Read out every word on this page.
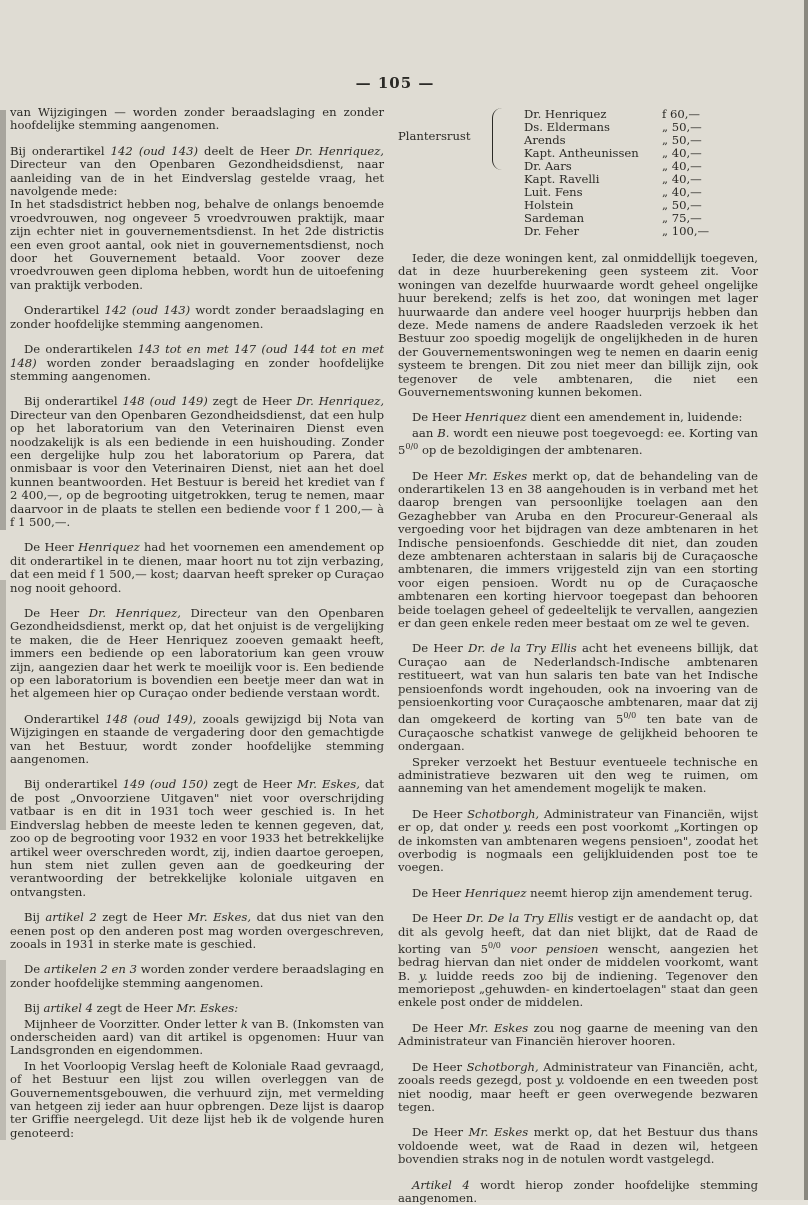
— 105 —

van Wijzigingen — worden zonder beraadslaging en zonder hoofdelijke stemming aangenomen.

Bij onderartikel 142 (oud 143) deelt de Heer Dr. Henriquez, Directeur van den Openbaren Gezondheidsdienst, naar aanleiding van de in het Eindverslag gestelde vraag, het navolgende mede:
In het stadsdistrict hebben nog, behalve de onlangs benoemde vroedvrouwen, nog ongeveer 5 vroedvrouwen praktijk, maar zijn echter niet in gouvernementsdienst. In het 2de districtis een even groot aantal, ook niet in gouvernementsdienst, noch door het Gouvernement betaald. Voor zoover deze vroedvrouwen geen diploma hebben, wordt hun de uitoefening van praktijk verboden.

Onderartikel 142 (oud 143) wordt zonder beraadslaging en zonder hoofdelijke stemming aangenomen.

De onderartikelen 143 tot en met 147 (oud 144 tot en met 148) worden zonder beraadslaging en zonder hoofdelijke stemming aangenomen.

Bij onderartikel 148 (oud 149) zegt de Heer Dr. Henriquez, Directeur van den Openbaren Gezondheidsdienst, dat een hulp op het laboratorium van den Veterinairen Dienst even noodzakelijk is als een bediende in een huishouding. Zonder een dergelijke hulp zou het laboratorium op Parera, dat onmisbaar is voor den Veterinairen Dienst, niet aan het doel kunnen beantwoorden. Het Bestuur is bereid het krediet van f 2 400,—, op de begrooting uitgetrokken, terug te nemen, maar daarvoor in de plaats te stellen een bediende voor f 1 200,— à f 1 500,—.

De Heer Henriquez had het voornemen een amendement op dit onderartikel in te dienen, maar hoort nu tot zijn verbazing, dat een meid f 1 500,— kost; daarvan heeft spreker op Curaçao nog nooit gehoord.

De Heer Dr. Henriquez, Directeur van den Openbaren Gezondheidsdienst, merkt op, dat het onjuist is de vergelijking te maken, die de Heer Henriquez zooeven gemaakt heeft, immers een bediende op een laboratorium kan geen vrouw zijn, aangezien daar het werk te moeilijk voor is. Een bediende op een laboratorium is bovendien een beetje meer dan wat in het algemeen hier op Curaçao onder bediende verstaan wordt.

Onderartikel 148 (oud 149), zooals gewijzigd bij Nota van Wijzigingen en staande de vergadering door den gemachtigde van het Bestuur, wordt zonder hoofdelijke stemming aangenomen.

Bij onderartikel 149 (oud 150) zegt de Heer Mr. Eskes, dat de post „Onvoorziene Uitgaven" niet voor overschrijding vatbaar is en dit in 1931 toch weer geschied is. In het Eindverslag hebben de meeste leden te kennen gegeven, dat, zoo op de begrooting voor 1932 en voor 1933 het betrekkelijke artikel weer overschreden wordt, zij, indien daartoe geroepen, hun stem niet zullen geven aan de goedkeuring der verantwoording der betrekkelijke koloniale uitgaven en ontvangsten.

Bij artikel 2 zegt de Heer Mr. Eskes, dat dus niet van den eenen post op den anderen post mag worden overgeschreven, zooals in 1931 in sterke mate is geschied.

De artikelen 2 en 3 worden zonder verdere beraadslaging en zonder hoofdelijke stemming aangenomen.

Bij artikel 4 zegt de Heer Mr. Eskes:

Mijnheer de Voorzitter. Onder letter k van B. (Inkomsten van onderscheiden aard) van dit artikel is opgenomen: Huur van Landsgronden en eigendommen.

In het Voorloopig Verslag heeft de Koloniale Raad gevraagd, of het Bestuur een lijst zou willen overleggen van de Gouvernementsgebouwen, die verhuurd zijn, met vermelding van hetgeen zij ieder aan huur opbrengen. Deze lijst is daarop ter Griffie neergelegd. Uit deze lijst heb ik de volgende huren genoteerd:

Plantersrust
Dr. Henriquez	f 60,—
Ds. Eldermans	„ 50,—
Arends	„ 50,—
Kapt. Antheunissen „ 40,—
Dr. Aars	„ 40,—
Kapt. Ravelli	„ 40,—
Luit. Fens	„ 40,—
Holstein	„ 50,—
Sardeman	„ 75,—
Dr. Feher	„ 100,—

Ieder, die deze woningen kent, zal onmiddellijk toegeven, dat in deze huurberekening geen systeem zit. Voor woningen van dezelfde huurwaarde wordt geheel ongelijke huur berekend; zelfs is het zoo, dat woningen met lager huurwaarde dan andere veel hooger huurprijs hebben dan deze. Mede namens de andere Raadsleden verzoek ik het Bestuur zoo spoedig mogelijk de ongelijkheden in de huren der Gouvernementswoningen weg te nemen en daarin eenig systeem te brengen. Dit zou niet meer dan billijk zijn, ook tegenover de vele ambtenaren, die niet een Gouvernementswoning kunnen bekomen.

De Heer Henriquez dient een amendement in, luidende:

aan B. wordt een nieuwe post toegevoegd: ee. Korting van $5^{0/0}$ op de bezoldigingen der ambtenaren.

De Heer Mr. Eskes merkt op, dat de behandeling van de onderartikelen 13 en 38 aangehouden is in verband met het daarop brengen van persoonlijke toelagen aan den Gezaghebber van Aruba en den Procureur-Generaal als vergoeding voor het bijdragen van deze ambtenaren in het Indische pensioenfonds. Geschiedde dit niet, dan zouden deze ambtenaren achterstaan in salaris bij de Curaçaosche ambtenaren, die immers vrijgesteld zijn van een storting voor eigen pensioen. Wordt nu op de Curaçaosche ambtenaren een korting hiervoor toegepast dan behooren beide toelagen geheel of gedeeltelijk te vervallen, aangezien er dan geen enkele reden meer bestaat om ze wel te geven.

De Heer Dr. de la Try Ellis acht het eveneens billijk, dat Curaçao aan de Nederlandsch-Indische ambtenaren restitueert, wat van hun salaris ten bate van het Indische pensioenfonds wordt ingehouden, ook na invoering van de pensioenkorting voor Curaçaosche ambtenaren, maar dat zij dan omgekeerd de korting van $5^{0/0}$ ten bate van de Curaçaosche schatkist vanwege de gelijkheid behooren te ondergaan.

Spreker verzoekt het Bestuur eventueele technische en administratieve bezwaren uit den weg te ruimen, om aanneming van het amendement mogelijk te maken.

De Heer Schotborgh, Administrateur van Financiën, wijst er op, dat onder y. reeds een post voorkomt „Kortingen op de inkomsten van ambtenaren wegens pensioen", zoodat het overbodig is nogmaals een gelijkluidenden post toe te voegen.

De Heer Henriquez neemt hierop zijn amendement terug.

De Heer Dr. De la Try Ellis vestigt er de aandacht op, dat dit als gevolg heeft, dat dan niet blijkt, dat de Raad de korting van $5^{0/0}$ voor pensioen wenscht, aangezien het bedrag hiervan dan niet onder de middelen voorkomt, want B. y. luidde reeds zoo bij de indiening. Tegenover den memoriepost „gehuwden- en kindertoelagen" staat dan geen enkele post onder de middelen.

De Heer Mr. Eskes zou nog gaarne de meening van den Administrateur van Financiën hierover hooren.

De Heer Schotborgh, Administrateur van Financiën, acht, zooals reeds gezegd, post y. voldoende en een tweeden post niet noodig, maar heeft er geen overwegende bezwaren tegen.

De Heer Mr. Eskes merkt op, dat het Bestuur dus thans voldoende weet, wat de Raad in dezen wil, hetgeen bovendien straks nog in de notulen wordt vastgelegd.

Artikel 4 wordt hierop zonder hoofdelijke stemming aangenomen.
